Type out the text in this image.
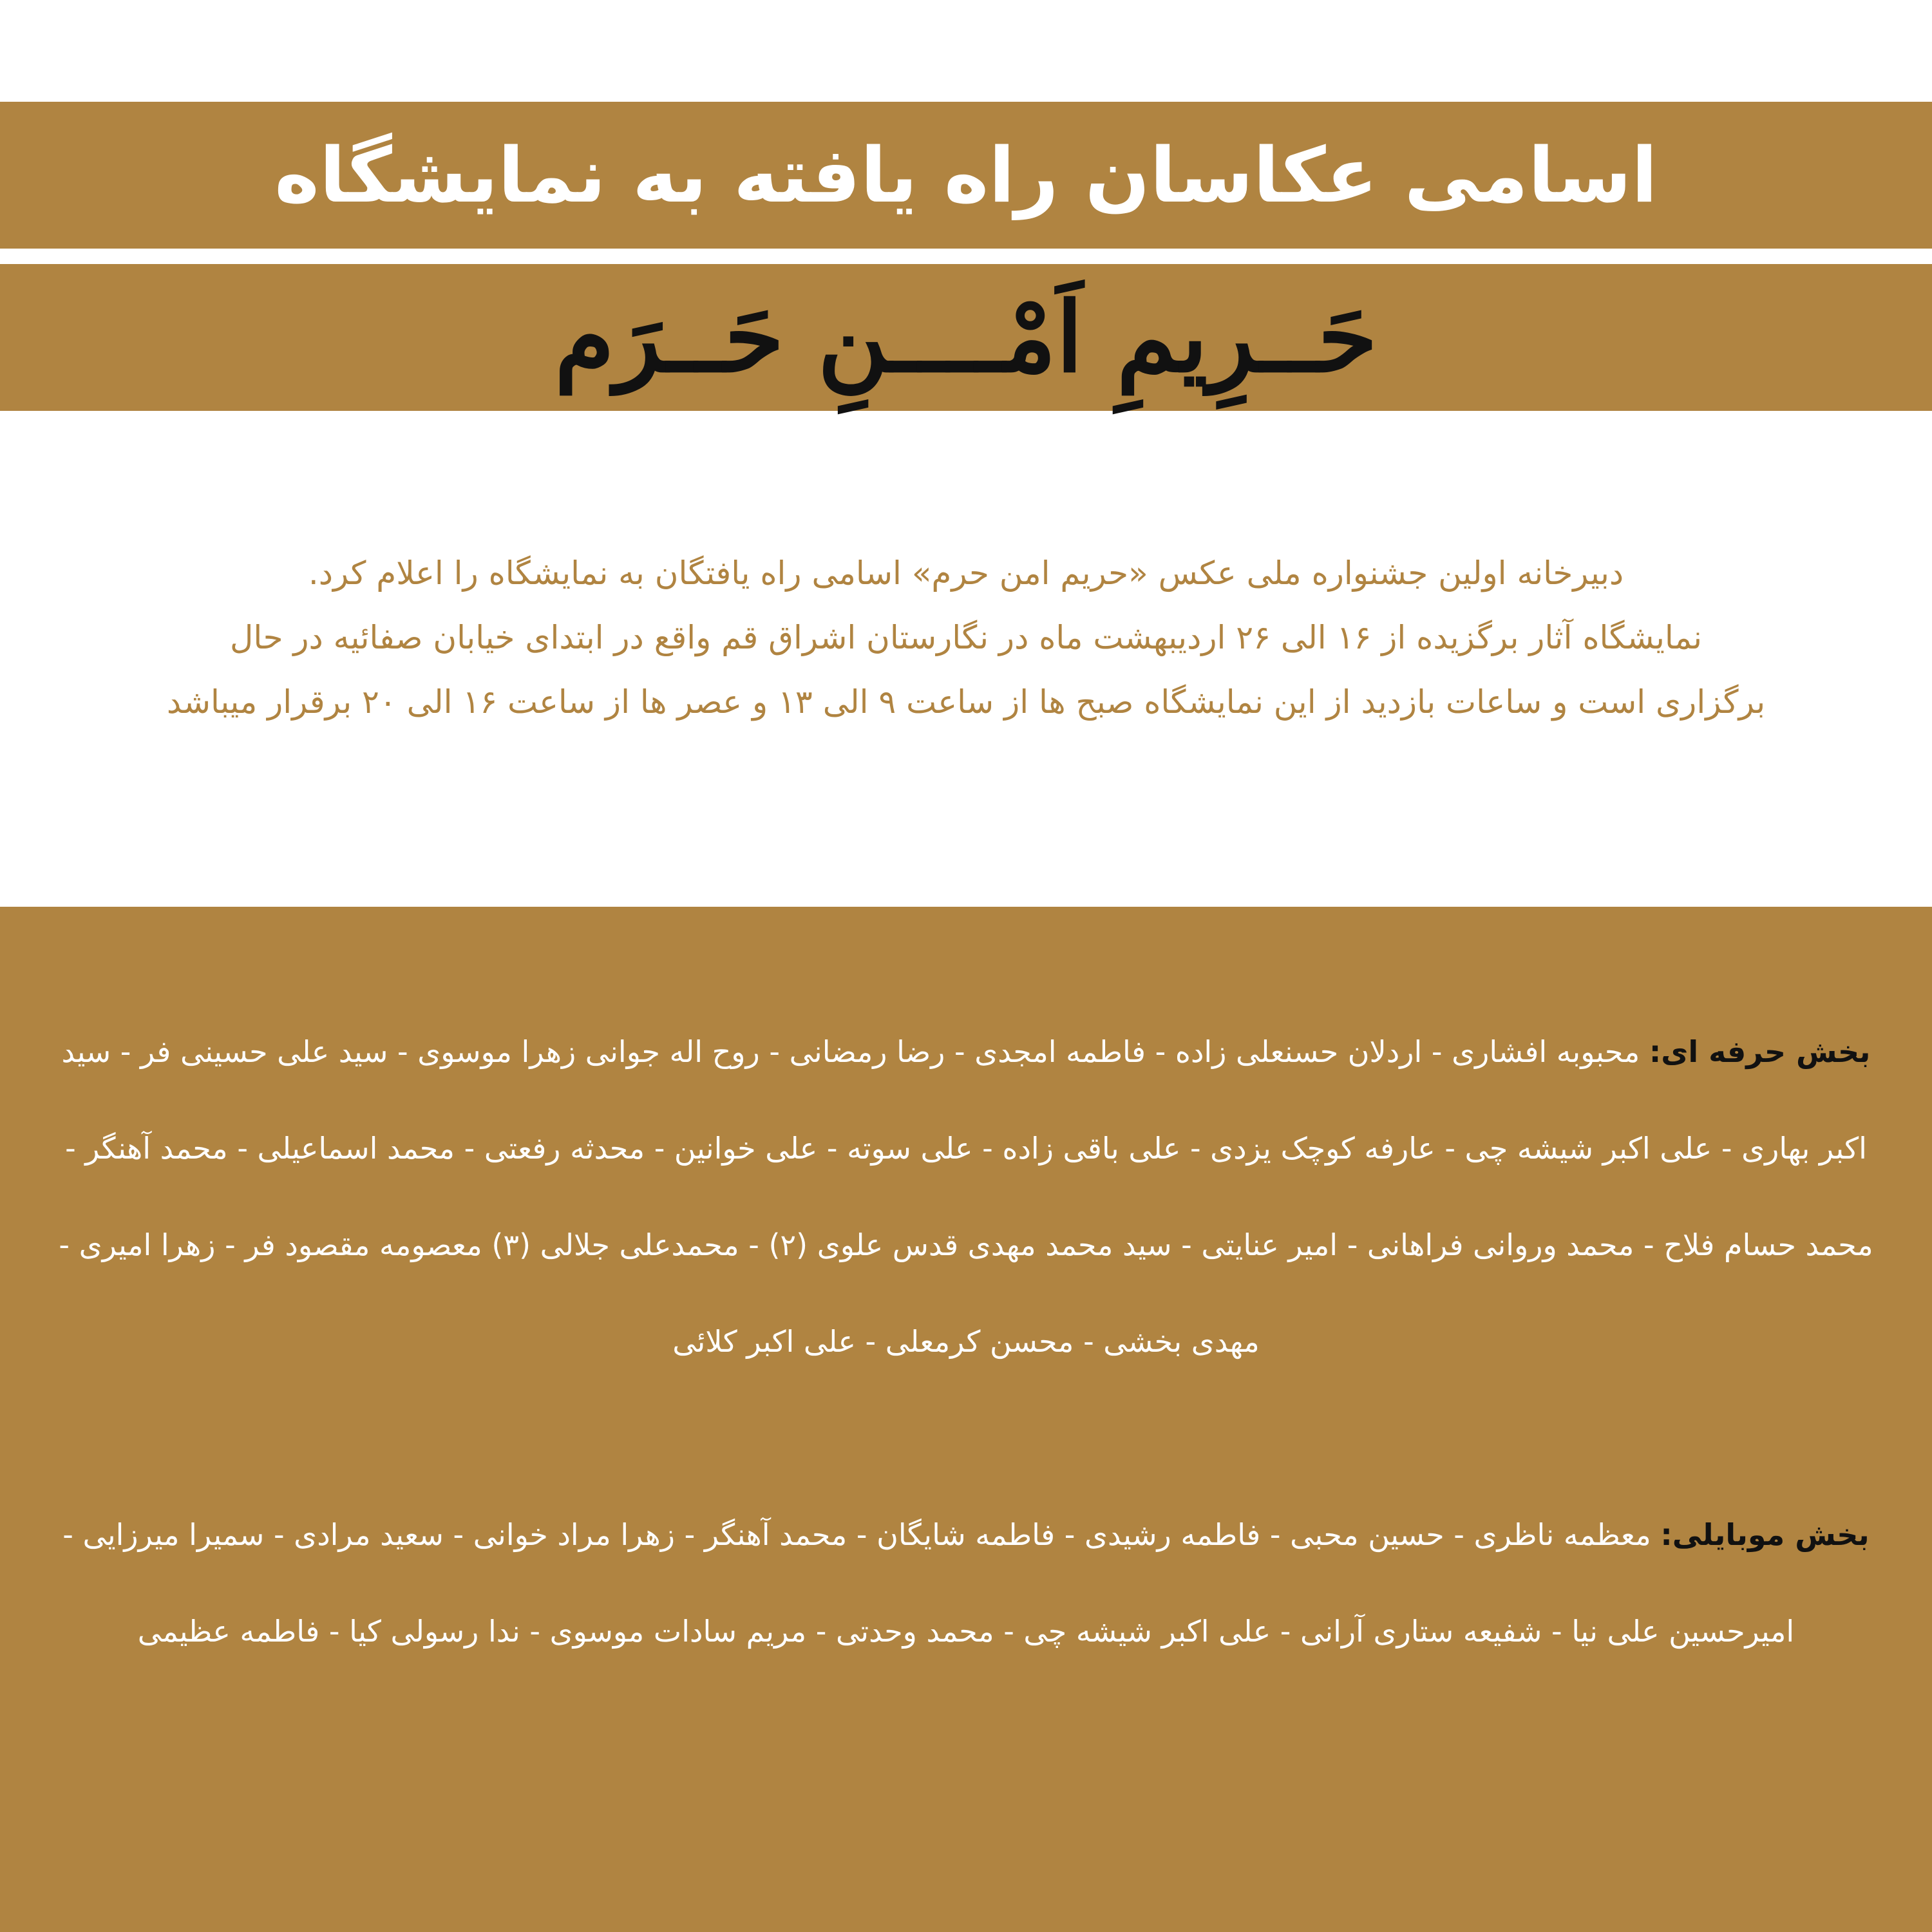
اسامی عکاسان راه یافته به نمایشگاه
حَــرِیمِ اَمْــــنِ حَــرَم

دبیرخانه اولین جشنواره ملی عکس «حریم امن حرم» اسامی راه یافتگان به نمایشگاه را اعلام کرد.

نمایشگاه آثار برگزیده از ۱۶ الی ۲۶ اردیبهشت ماه در نگارستان اشراق قم واقع در ابتدای خیابان صفائیه در حال

برگزاری است و ساعات بازدید از این نمایشگاه صبح ها از ساعت ۹ الی ۱۳ و عصر ها از ساعت ۱۶ الی ۲۰ برقرار میباشد

بخش حرفه ای: محبوبه افشاری - اردلان حسنعلی زاده - فاطمه امجدی - رضا رمضانی - روح اله جوانی زهرا موسوی - سید علی حسینی فر - سید اکبر بهاری - علی اکبر شیشه چی - عارفه کوچک یزدی - علی باقی زاده - علی سوته - علی خوانین - محدثه رفعتی - محمد اسماعیلی - محمد آهنگر - محمد حسام فلاح - محمد وروانی فراهانی - امیر عنایتی - سید محمد مهدی قدس علوی (۲) - محمدعلی جلالی (۳) معصومه مقصود فر - زهرا امیری - مهدی بخشی - محسن کرمعلی - علی اکبر کلائی
بخش موبایلی: معظمه ناظری - حسین محبی - فاطمه رشیدی - فاطمه شایگان - محمد آهنگر - زهرا مراد خوانی - سعید مرادی - سمیرا میرزایی - امیرحسین علی نیا - شفیعه ستاری آرانی - علی اکبر شیشه چی - محمد وحدتی - مریم سادات موسوی - ندا رسولی کیا - فاطمه عظیمی
